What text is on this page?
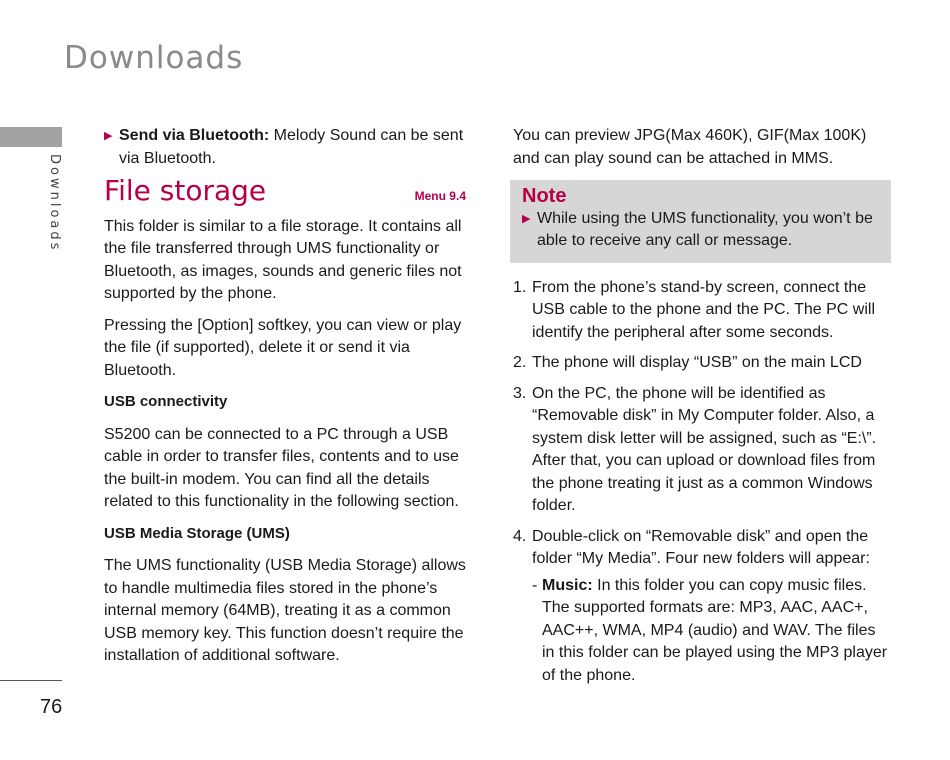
Downloads
Downloads
76
▶ Send via Bluetooth: Melody Sound can be sent via Bluetooth.
File storage	Menu 9.4

This folder is similar to a file storage. It contains all the file transferred through UMS functionality or Bluetooth, as images, sounds and generic files not supported by the phone.

Pressing the [Option] softkey, you can view or play the file (if supported), delete it or send it via Bluetooth.

USB connectivity

S5200 can be connected to a PC through a USB cable in order to transfer files, contents and to use the built-in modem. You can find all the details related to this functionality in the following section.

USB Media Storage (UMS)

The UMS functionality (USB Media Storage) allows to handle multimedia files stored in the phone’s internal memory (64MB), treating it as a common USB memory key. This function doesn’t require the installation of additional software.

You can preview JPG(Max 460K), GIF(Max 100K) and can play sound can be attached in MMS.

Note
▶ While using the UMS functionality, you won’t be able to receive any call or message.
1. From the phone’s stand-by screen, connect the USB cable to the phone and the PC. The PC will identify the peripheral after some seconds.
2. The phone will display “USB” on the main LCD
3. On the PC, the phone will be identified as “Removable disk” in My Computer folder. Also, a system disk letter will be assigned, such as “E:\”. After that, you can upload or download files from the phone treating it just as a common Windows folder.
4. Double-click on “Removable disk” and open the folder “My Media”. Four new folders will appear:
- Music: In this folder you can copy music files. The supported formats are: MP3, AAC, AAC+, AAC++, WMA, MP4 (audio) and WAV. The files in this folder can be played using the MP3 player of the phone.
